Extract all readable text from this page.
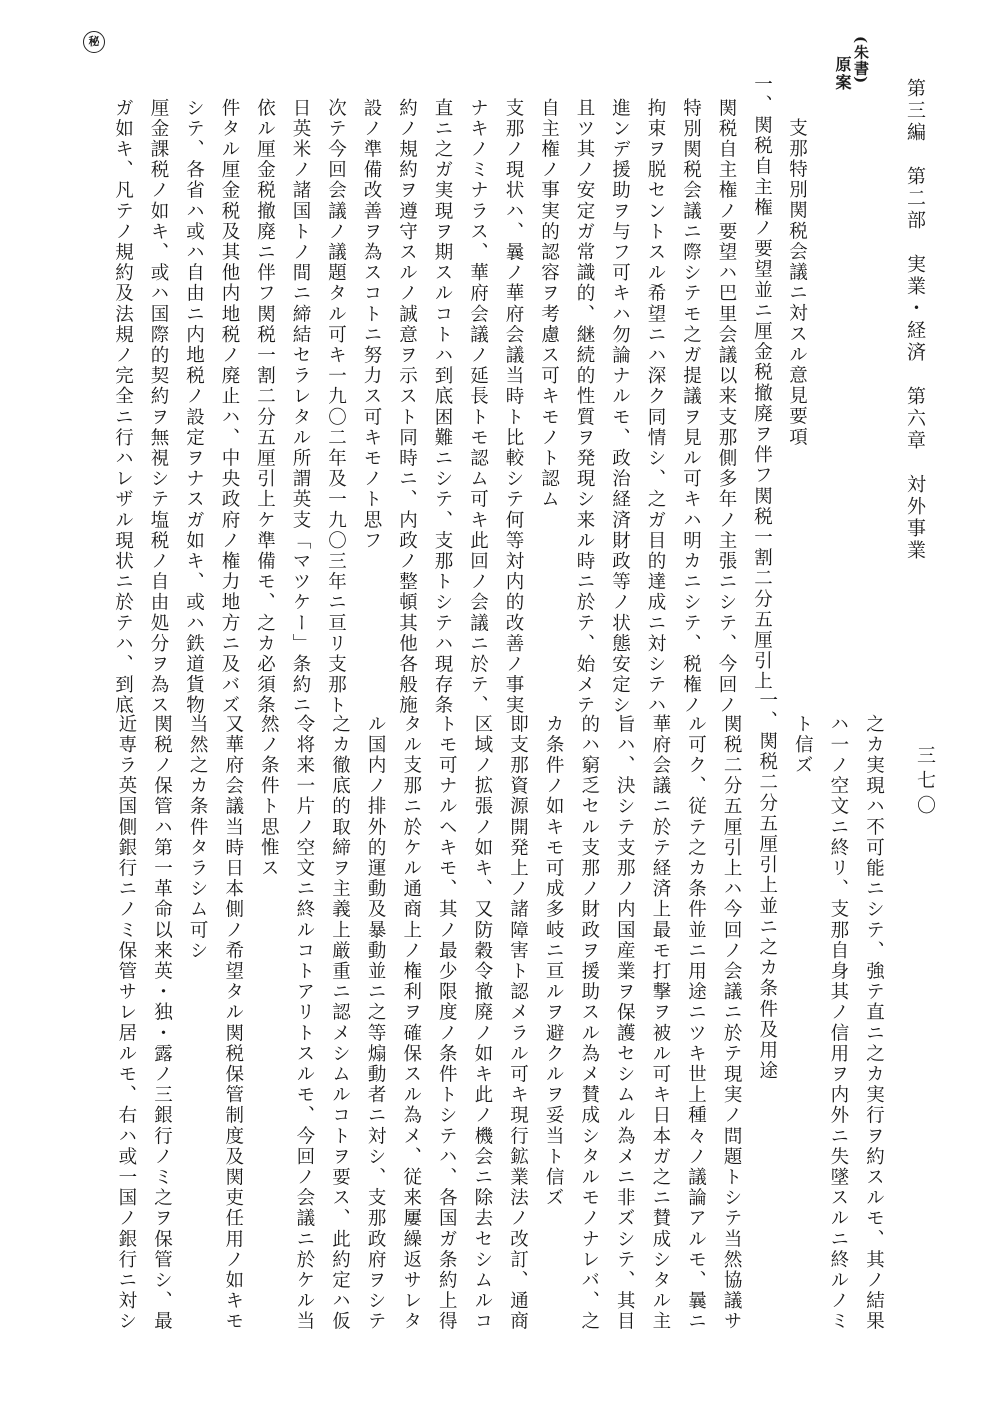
第三編　第二部　実業・経済　第六章　対外事業
三七〇
(朱書)
原案
秘
支那特別関税会議ニ対スル意見要項
一、関税自主権ノ要望並ニ厘金税撤廃ヲ伴フ関税一割二分五厘引上
関税自主権ノ要望ハ巴里会議以来支那側多年ノ主張ニシテ、今回ノ
特別関税会議ニ際シテモ之ガ提議ヲ見ル可キハ明カニシテ、税権ノ
拘束ヲ脱セントスル希望ニハ深ク同情シ、之ガ目的達成ニ対シテハ
進ンデ援助ヲ与フ可キハ勿論ナルモ、政治経済財政等ノ状態安定シ
且ツ其ノ安定ガ常識的、継続的性質ヲ発現シ来ル時ニ於テ、始メテ
自主権ノ事実的認容ヲ考慮ス可キモノト認ム
支那ノ現状ハ、曩ノ華府会議当時ト比較シテ何等対内的改善ノ事実
ナキノミナラス、華府会議ノ延長トモ認ム可キ此回ノ会議ニ於テ、
直ニ之ガ実現ヲ期スルコトハ到底困難ニシテ、支那トシテハ現存条
約ノ規約ヲ遵守スルノ誠意ヲ示スト同時ニ、内政ノ整頓其他各般施
設ノ準備改善ヲ為スコトニ努力ス可キモノト思フ
次テ今回会議ノ議題タル可キ一九〇二年及一九〇三年ニ亘リ支那ト
日英米ノ諸国トノ間ニ締結セラレタル所謂英支「マツケー」条約ニ
依ル厘金税撤廃ニ伴フ関税一割二分五厘引上ケ準備モ、之カ必須条
件タル厘金税及其他内地税ノ廃止ハ、中央政府ノ権力地方ニ及バズ
シテ、各省ハ或ハ自由ニ内地税ノ設定ヲナスガ如キ、或ハ鉄道貨物
厘金課税ノ如キ、或ハ国際的契約ヲ無視シテ塩税ノ自由処分ヲ為ス
ガ如キ、凡テノ規約及法規ノ完全ニ行ハレザル現状ニ於テハ、到底
之カ実現ハ不可能ニシテ、強テ直ニ之カ実行ヲ約スルモ、其ノ結果
ハ一ノ空文ニ終リ、支那自身其ノ信用ヲ内外ニ失墜スルニ終ルノミ
ト信ズ
一、関税二分五厘引上並ニ之カ条件及用途
関税二分五厘引上ハ今回ノ会議ニ於テ現実ノ問題トシテ当然協議サ
ル可ク、従テ之カ条件並ニ用途ニツキ世上種々ノ議論アルモ、曩ニ
華府会議ニ於テ経済上最モ打撃ヲ被ル可キ日本ガ之ニ賛成シタル主
旨ハ、決シテ支那ノ内国産業ヲ保護セシムル為メニ非ズシテ、其目
的ハ窮乏セル支那ノ財政ヲ援助スル為メ賛成シタルモノナレバ、之
カ条件ノ如キモ可成多岐ニ亘ルヲ避クルヲ妥当ト信ズ
即支那資源開発上ノ諸障害ト認メラル可キ現行鉱業法ノ改訂、通商
区域ノ拡張ノ如キ、又防穀令撤廃ノ如キ此ノ機会ニ除去セシムルコ
トモ可ナルヘキモ、其ノ最少限度ノ条件トシテハ、各国ガ条約上得
タル支那ニ於ケル通商上ノ権利ヲ確保スル為メ、従来屢繰返サレタ
ル国内ノ排外的運動及暴動並ニ之等煽動者ニ対シ、支那政府ヲシテ
之カ徹底的取締ヲ主義上厳重ニ認メシムルコトヲ要ス、此約定ハ仮
令将来一片ノ空文ニ終ルコトアリトスルモ、今回ノ会議ニ於ケル当
然ノ条件ト思惟ス
又華府会議当時日本側ノ希望タル関税保管制度及関吏任用ノ如キモ
当然之カ条件タラシム可シ
関税ノ保管ハ第一革命以来英・独・露ノ三銀行ノミ之ヲ保管シ、最
近専ラ英国側銀行ニノミ保管サレ居ルモ、右ハ或一国ノ銀行ニ対シ
